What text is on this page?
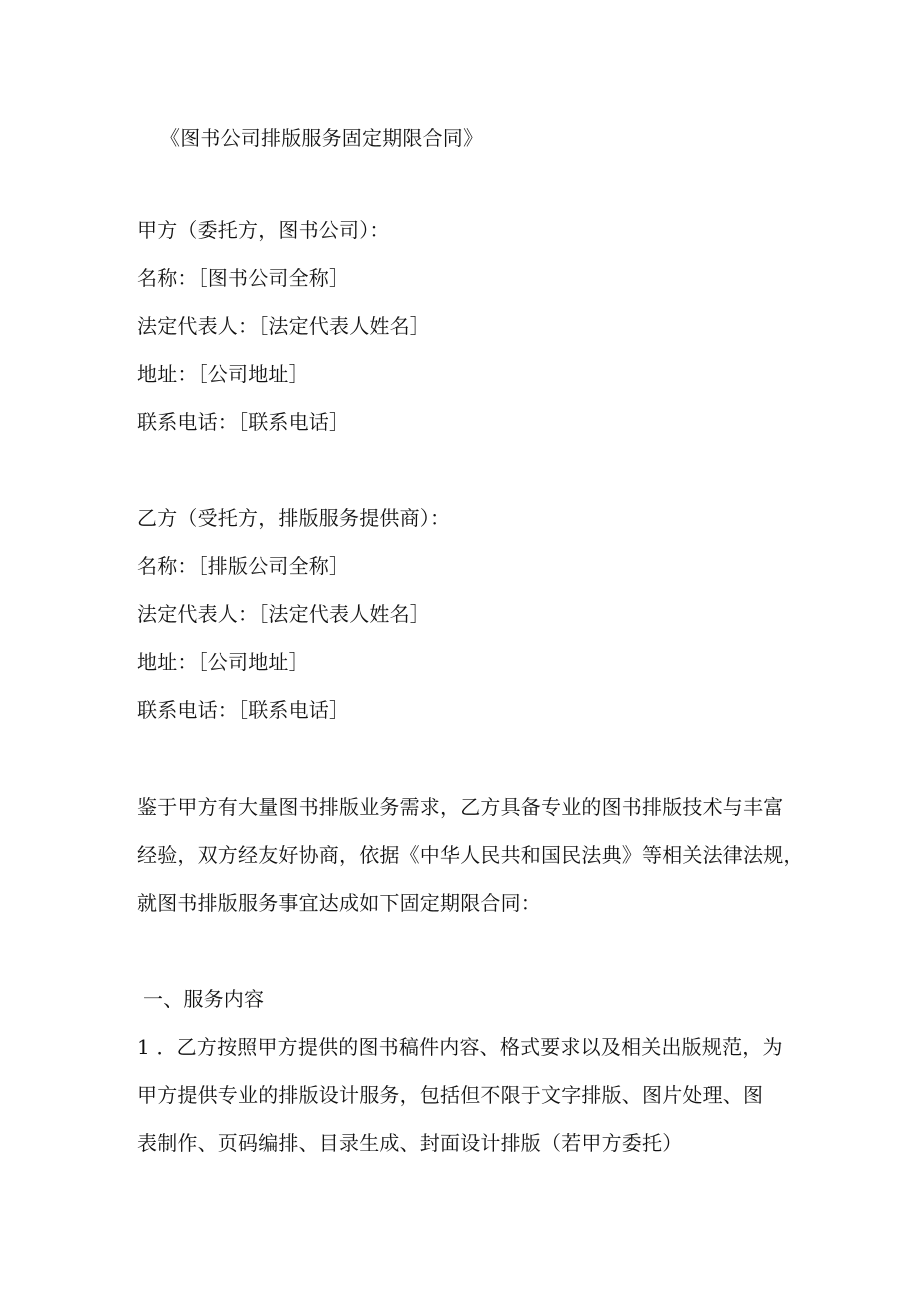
《图书公司排版服务固定期限合同》
甲方（委托方，图书公司）：
名称：［图书公司全称］
法定代表人：［法定代表人姓名］
地址：［公司地址］
联系电话：［联系电话］
乙方（受托方，排版服务提供商）：
名称：［排版公司全称］
法定代表人：［法定代表人姓名］
地址：［公司地址］
联系电话：［联系电话］
鉴于甲方有大量图书排版业务需求，乙方具备专业的图书排版技术与丰富
经验，双方经友好协商，依据《中华人民共和国民法典》等相关法律法规，
就图书排版服务事宜达成如下固定期限合同：
一、服务内容
1 ．乙方按照甲方提供的图书稿件内容、格式要求以及相关出版规范，为
甲方提供专业的排版设计服务，包括但不限于文字排版、图片处理、图
表制作、页码编排、目录生成、封面设计排版（若甲方委托）
